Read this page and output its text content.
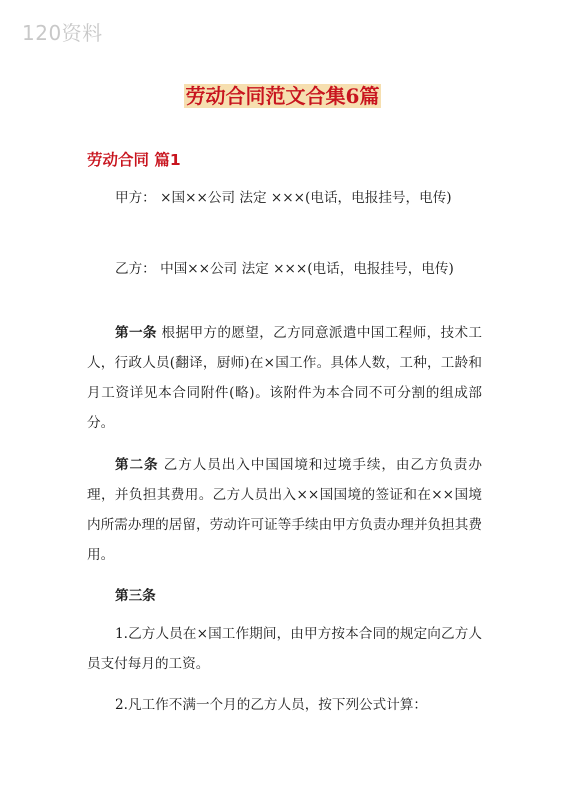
120资料
劳动合同范文合集6篇
劳动合同 篇1

甲方： ×国××公司 法定 ×××(电话，电报挂号，电传)

乙方： 中国××公司 法定 ×××(电话，电报挂号，电传)

第一条 根据甲方的愿望，乙方同意派遣中国工程师，技术工人，行政人员(翻译，厨师)在×国工作。具体人数，工种，工龄和月工资详见本合同附件(略)。该附件为本合同不可分割的组成部分。

第二条 乙方人员出入中国国境和过境手续，由乙方负责办理，并负担其费用。乙方人员出入××国国境的签证和在××国境内所需办理的居留，劳动许可证等手续由甲方负责办理并负担其费用。

第三条

1.乙方人员在×国工作期间，由甲方按本合同的规定向乙方人员支付每月的工资。

2.凡工作不满一个月的乙方人员，按下列公式计算：
